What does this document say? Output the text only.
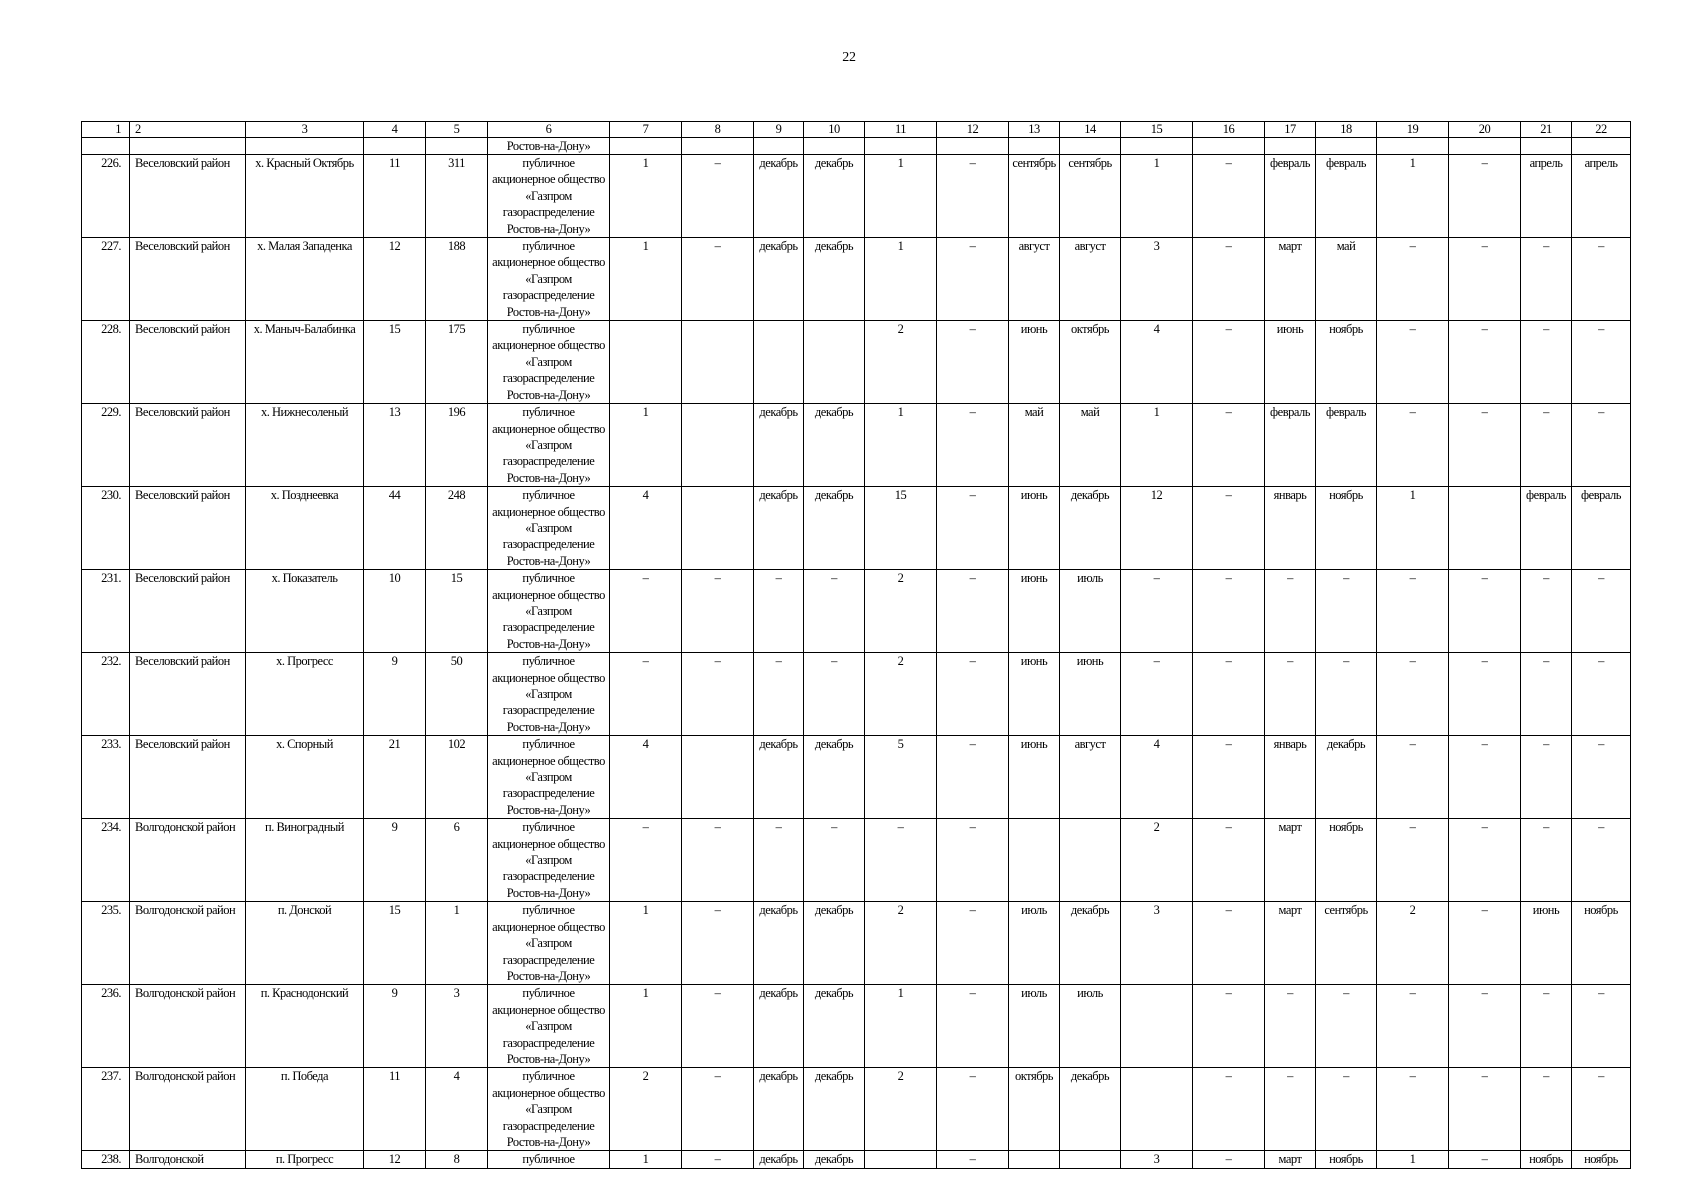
22
1	2	3	4	5	6	7	8	9	10	11	12	13	14	15	16	17	18	19	20	21	22
					Ростов-на-Дону»																
226.	Веселовский район	х. Красный Октябрь	11	311	публичное акционерное общество «Газпром газораспределение Ростов-на-Дону»	1	–	декабрь	декабрь	1	–	сентябрь	сентябрь	1	–	февраль	февраль	1	–	апрель	апрель
227.	Веселовский район	х. Малая Западенка	12	188	публичное акционерное общество «Газпром газораспределение Ростов-на-Дону»	1	–	декабрь	декабрь	1	–	август	август	3	–	март	май	–	–	–	–
228.	Веселовский район	х. Маныч-Балабинка	15	175	публичное акционерное общество «Газпром газораспределение Ростов-на-Дону»					2	–	июнь	октябрь	4	–	июнь	ноябрь	–	–	–	–
229.	Веселовский район	х. Нижнесоленый	13	196	публичное акционерное общество «Газпром газораспределение Ростов-на-Дону»	1		декабрь	декабрь	1	–	май	май	1	–	февраль	февраль	–	–	–	–
230.	Веселовский район	х. Позднеевка	44	248	публичное акционерное общество «Газпром газораспределение Ростов-на-Дону»	4		декабрь	декабрь	15	–	июнь	декабрь	12	–	январь	ноябрь	1		февраль	февраль
231.	Веселовский район	х. Показатель	10	15	публичное акционерное общество «Газпром газораспределение Ростов-на-Дону»	–	–	–	–	2	–	июнь	июль	–	–	–	–	–	–	–	–
232.	Веселовский район	х. Прогресс	9	50	публичное акционерное общество «Газпром газораспределение Ростов-на-Дону»	–	–	–	–	2	–	июнь	июнь	–	–	–	–	–	–	–	–
233.	Веселовский район	х. Спорный	21	102	публичное акционерное общество «Газпром газораспределение Ростов-на-Дону»	4		декабрь	декабрь	5	–	июнь	август	4	–	январь	декабрь	–	–	–	–
234.	Волгодонской район	п. Виноградный	9	6	публичное акционерное общество «Газпром газораспределение Ростов-на-Дону»	–	–	–	–	–	–			2	–	март	ноябрь	–	–	–	–
235.	Волгодонской район	п. Донской	15	1	публичное акционерное общество «Газпром газораспределение Ростов-на-Дону»	1	–	декабрь	декабрь	2	–	июль	декабрь	3	–	март	сентябрь	2	–	июнь	ноябрь
236.	Волгодонской район	п. Краснодонский	9	3	публичное акционерное общество «Газпром газораспределение Ростов-на-Дону»	1	–	декабрь	декабрь	1	–	июль	июль		–	–	–	–	–	–	–
237.	Волгодонской район	п. Победа	11	4	публичное акционерное общество «Газпром газораспределение Ростов-на-Дону»	2	–	декабрь	декабрь	2	–	октябрь	декабрь		–	–	–	–	–	–	–
238.	Волгодонской	п. Прогресс	12	8	публичное	1	–	декабрь	декабрь		–			3	–	март	ноябрь	1	–	ноябрь	ноябрь
